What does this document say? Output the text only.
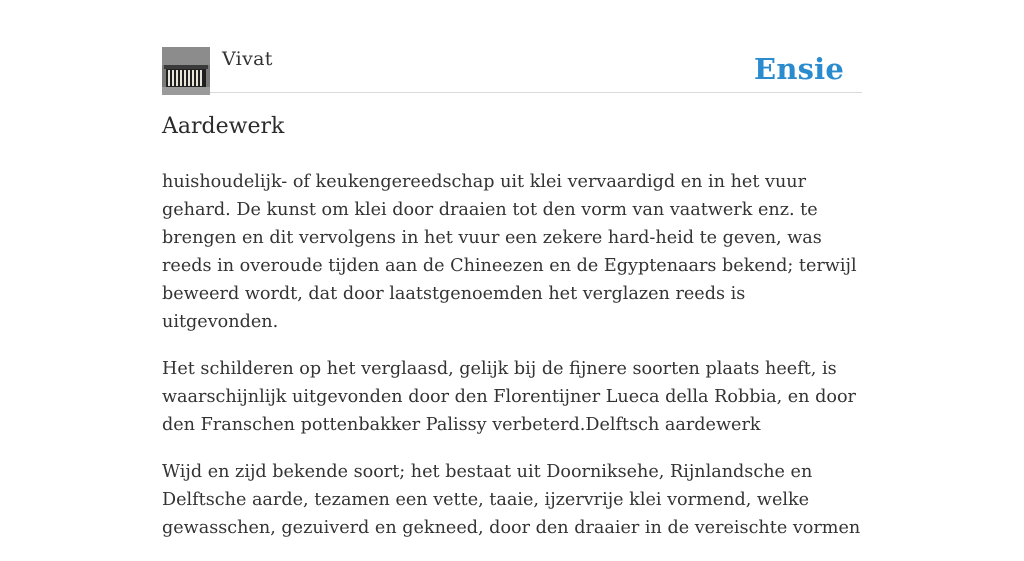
Vivat	Ensie
Aardewerk

huishoudelijk- of keukengereedschap uit klei vervaardigd en in het vuur gehard. De kunst om klei door draaien tot den vorm van vaatwerk enz. te brengen en dit vervolgens in het vuur een zekere hard-heid te geven, was reeds in overoude tijden aan de Chineezen en de Egyptenaars bekend; terwijl beweerd wordt, dat door laatstgenoemden het verglazen reeds is uitgevonden.

Het schilderen op het verglaasd, gelijk bij de fijnere soorten plaats heeft, is waarschijnlijk uitgevonden door den Florentijner Lueca della Robbia, en door den Franschen pottenbakker Palissy verbeterd.Delftsch aardewerk

Wijd en zijd bekende soort; het bestaat uit Doorniksehe, Rijnlandsche en Delftsche aarde, tezamen een vette, taaie, ijzervrije klei vormend, welke gewasschen, gezuiverd en gekneed, door den draaier in de vereischte vormen
